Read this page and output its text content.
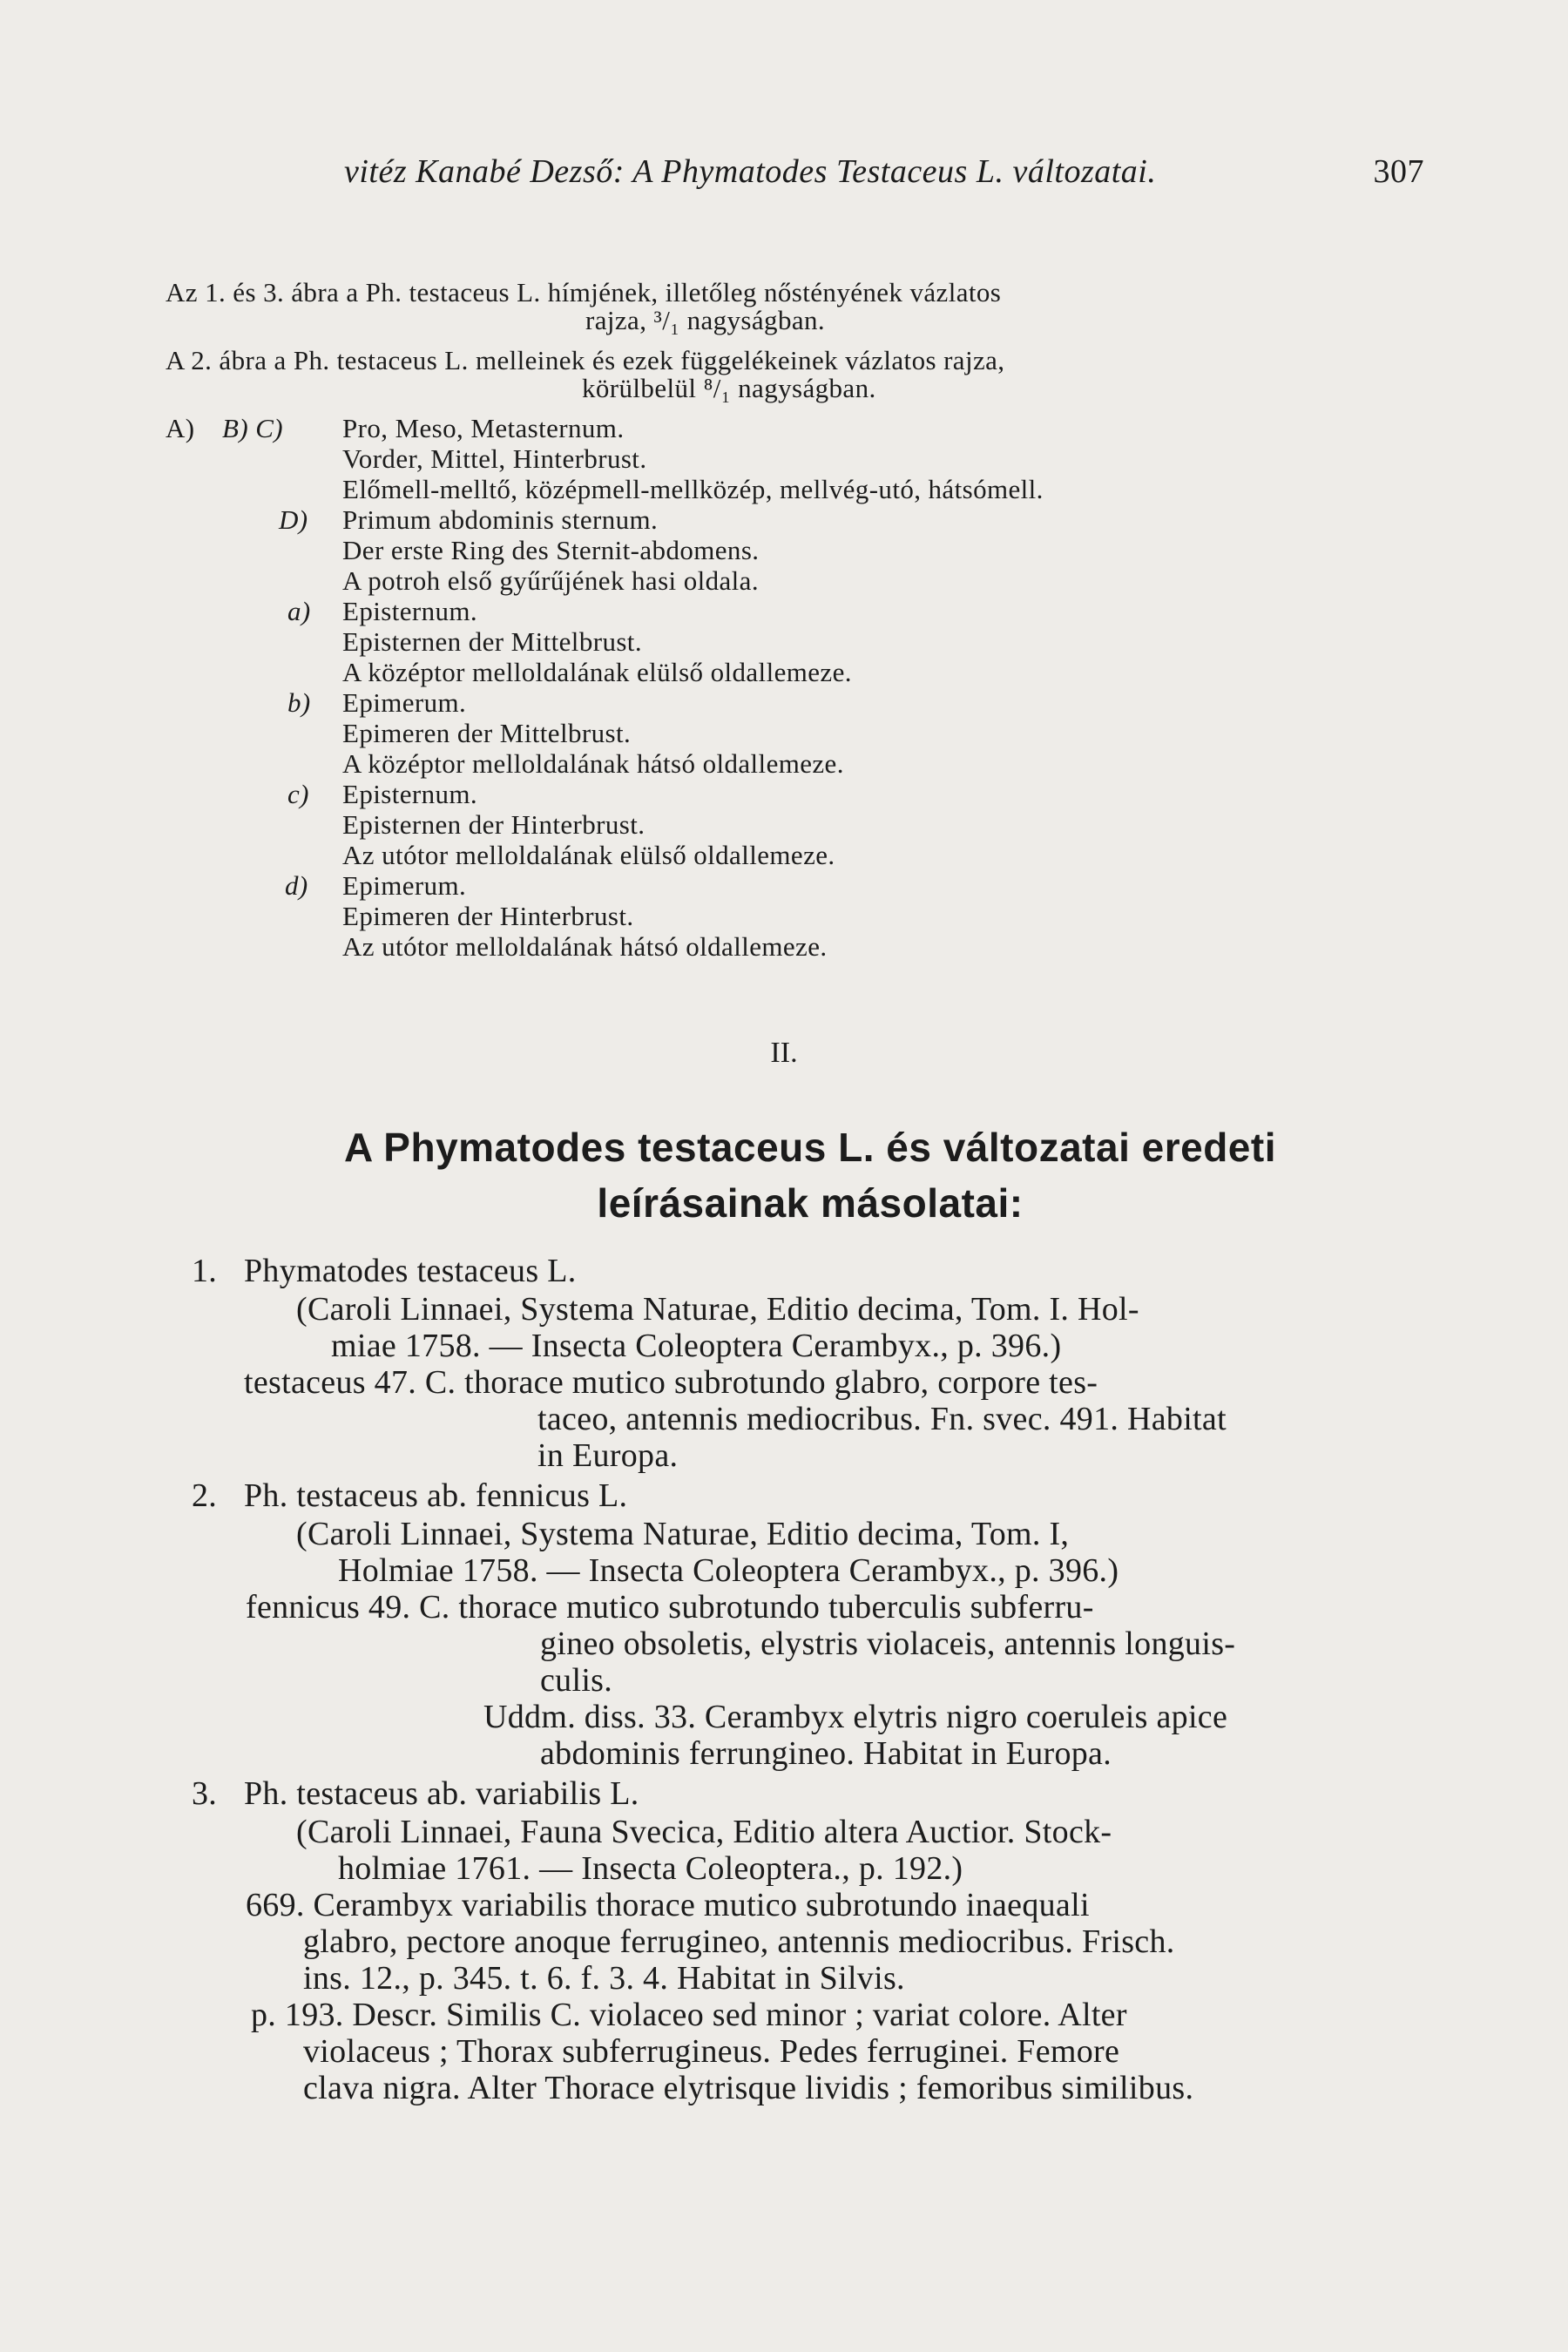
vitéz Kanabé Dezső: A Phymatodes Testaceus L. változatai.	307
Az 1. és 3. ábra a Ph. testaceus L. hímjének, illetőleg nőstényének vázlatos
rajza, ³/₁ nagyságban.
A 2. ábra a Ph. testaceus L. melleinek és ezek függelékeinek vázlatos rajza,
körülbelül ⁸/₁ nagyságban.
A) B) C) Pro, Meso, Metasternum.
Vorder, Mittel, Hinterbrust.
Előmell-melltő, középmell-mellközép, mellvég-utó, hátsómell.
D) Primum abdominis sternum.
Der erste Ring des Sternit-abdomens.
A potroh első gyűrűjének hasi oldala.
a) Episternum.
Episternen der Mittelbrust.
A középtor melloldalának elülső oldallemeze.
b) Epimerum.
Epimeren der Mittelbrust.
A középtor melloldalának hátsó oldallemeze.
c) Episternum.
Episternen der Hinterbrust.
Az utótor melloldalának elülső oldallemeze.
d) Epimerum.
Epimeren der Hinterbrust.
Az utótor melloldalának hátsó oldallemeze.
II.
A Phymatodes testaceus L. és változatai eredeti
leírásainak másolatai:
1. Phymatodes testaceus L.
(Caroli Linnaei, Systema Naturae, Editio decima, Tom. I. Hol-
miae 1758. — Insecta Coleoptera Cerambyx., p. 396.)
testaceus 47. C. thorace mutico subrotundo glabro, corpore tes-
taceo, antennis mediocribus. Fn. svec. 491. Habitat
in Europa.
2. Ph. testaceus ab. fennicus L.
(Caroli Linnaei, Systema Naturae, Editio decima, Tom. I,
Holmiae 1758. — Insecta Coleoptera Cerambyx., p. 396.)
fennicus 49. C. thorace mutico subrotundo tuberculis subferru-
gineo obsoletis, elystris violaceis, antennis longuis-
culis.
Uddm. diss. 33. Cerambyx elytris nigro coeruleis apice
abdominis ferrungineo. Habitat in Europa.
3. Ph. testaceus ab. variabilis L.
(Caroli Linnaei, Fauna Svecica, Editio altera Auctior. Stock-
holmiae 1761. — Insecta Coleoptera., p. 192.)
669. Cerambyx variabilis thorace mutico subrotundo inaequali
glabro, pectore anoque ferrugineo, antennis mediocribus. Frisch.
ins. 12., p. 345. t. 6. f. 3. 4. Habitat in Silvis.
p. 193. Descr. Similis C. violaceo sed minor ; variat colore. Alter
violaceus ; Thorax subferrugineus. Pedes ferruginei. Femore
clava nigra. Alter Thorace elytrisque lividis ; femoribus similibus.
